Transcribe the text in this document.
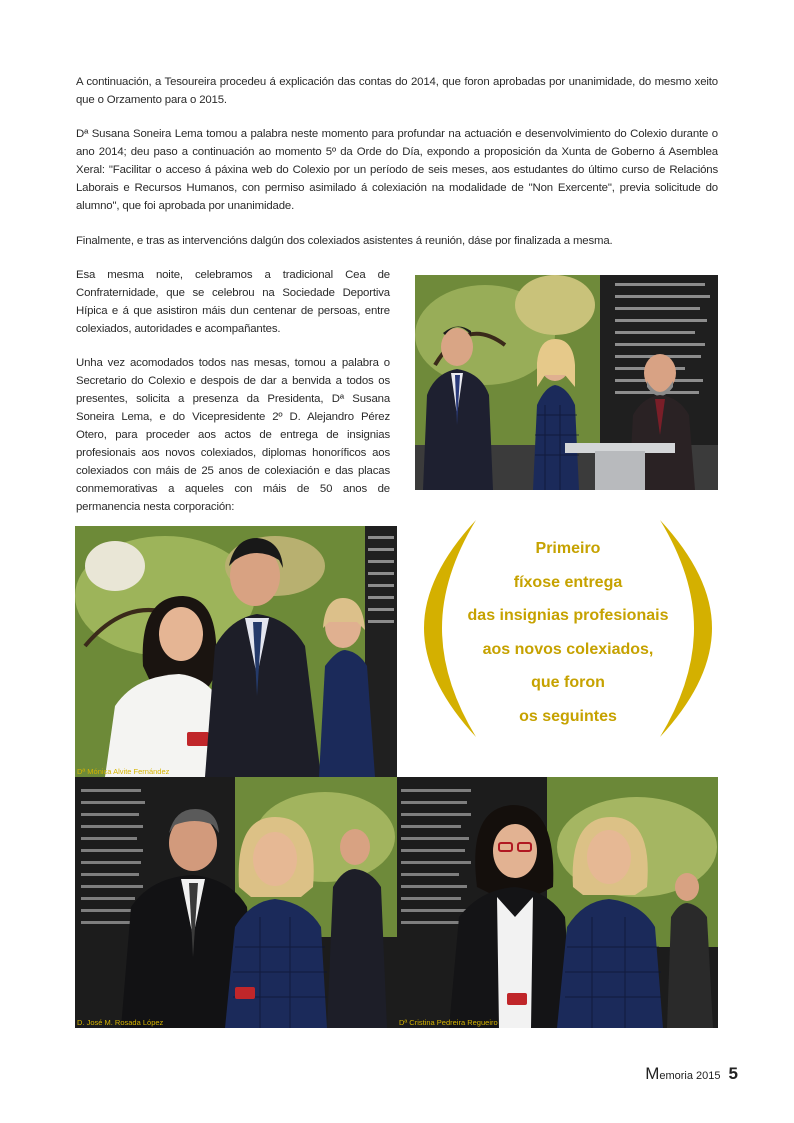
A continuación, a Tesoureira procedeu á explicación das contas do 2014, que foron aprobadas por unanimidade, do mesmo xeito que o Orzamento para o 2015.

Dª Susana Soneira Lema tomou a palabra neste momento para profundar na actuación e desenvolvimiento do Colexio durante o ano 2014; deu paso a continuación ao momento 5º da Orde do Día, expondo a proposición da Xunta de Goberno á Asemblea Xeral: "Facilitar o acceso á páxina web do Colexio por un período de seis meses, aos estudantes do último curso de Relacións Laborais e Recursos Humanos, con permiso asimilado á colexiación na modalidade de "Non Exercente", previa solicitude do alumno", que foi aprobada por unanimidade.

Finalmente, e tras as intervencións dalgún dos colexiados asistentes á reunión, dáse por finalizada a mesma.

Esa mesma noite, celebramos a tradicional Cea de Confraternidade, que se celebrou na Sociedade Deportiva Hípica e á que asistiron máis dun centenar de persoas, entre colexiados, autoridades e acompañantes.

Unha vez acomodados todos nas mesas, tomou a palabra o Secretario do Colexio e despois de dar a benvida a todos os presentes, solicita a presenza da Presidenta, Dª Susana Soneira Lema, e do Vicepresidente 2º D. Alejandro Pérez Otero, para proceder aos actos de entrega de insignias profesionais aos novos colexiados, diplomas honoríficos aos colexiados con máis de 25 anos de colexiación e das placas conmemorativas a aqueles con máis de 50 anos de permanencia nesta corporación:

Dª Mónica Alvite Fernández
Primeiro
fíxose entrega
das insignias profesionais
aos novos colexiados,
que foron
os seguintes
D. José M. Rosada López	Dª Cristina Pedreira Regueiro
Memoria 2015 5
